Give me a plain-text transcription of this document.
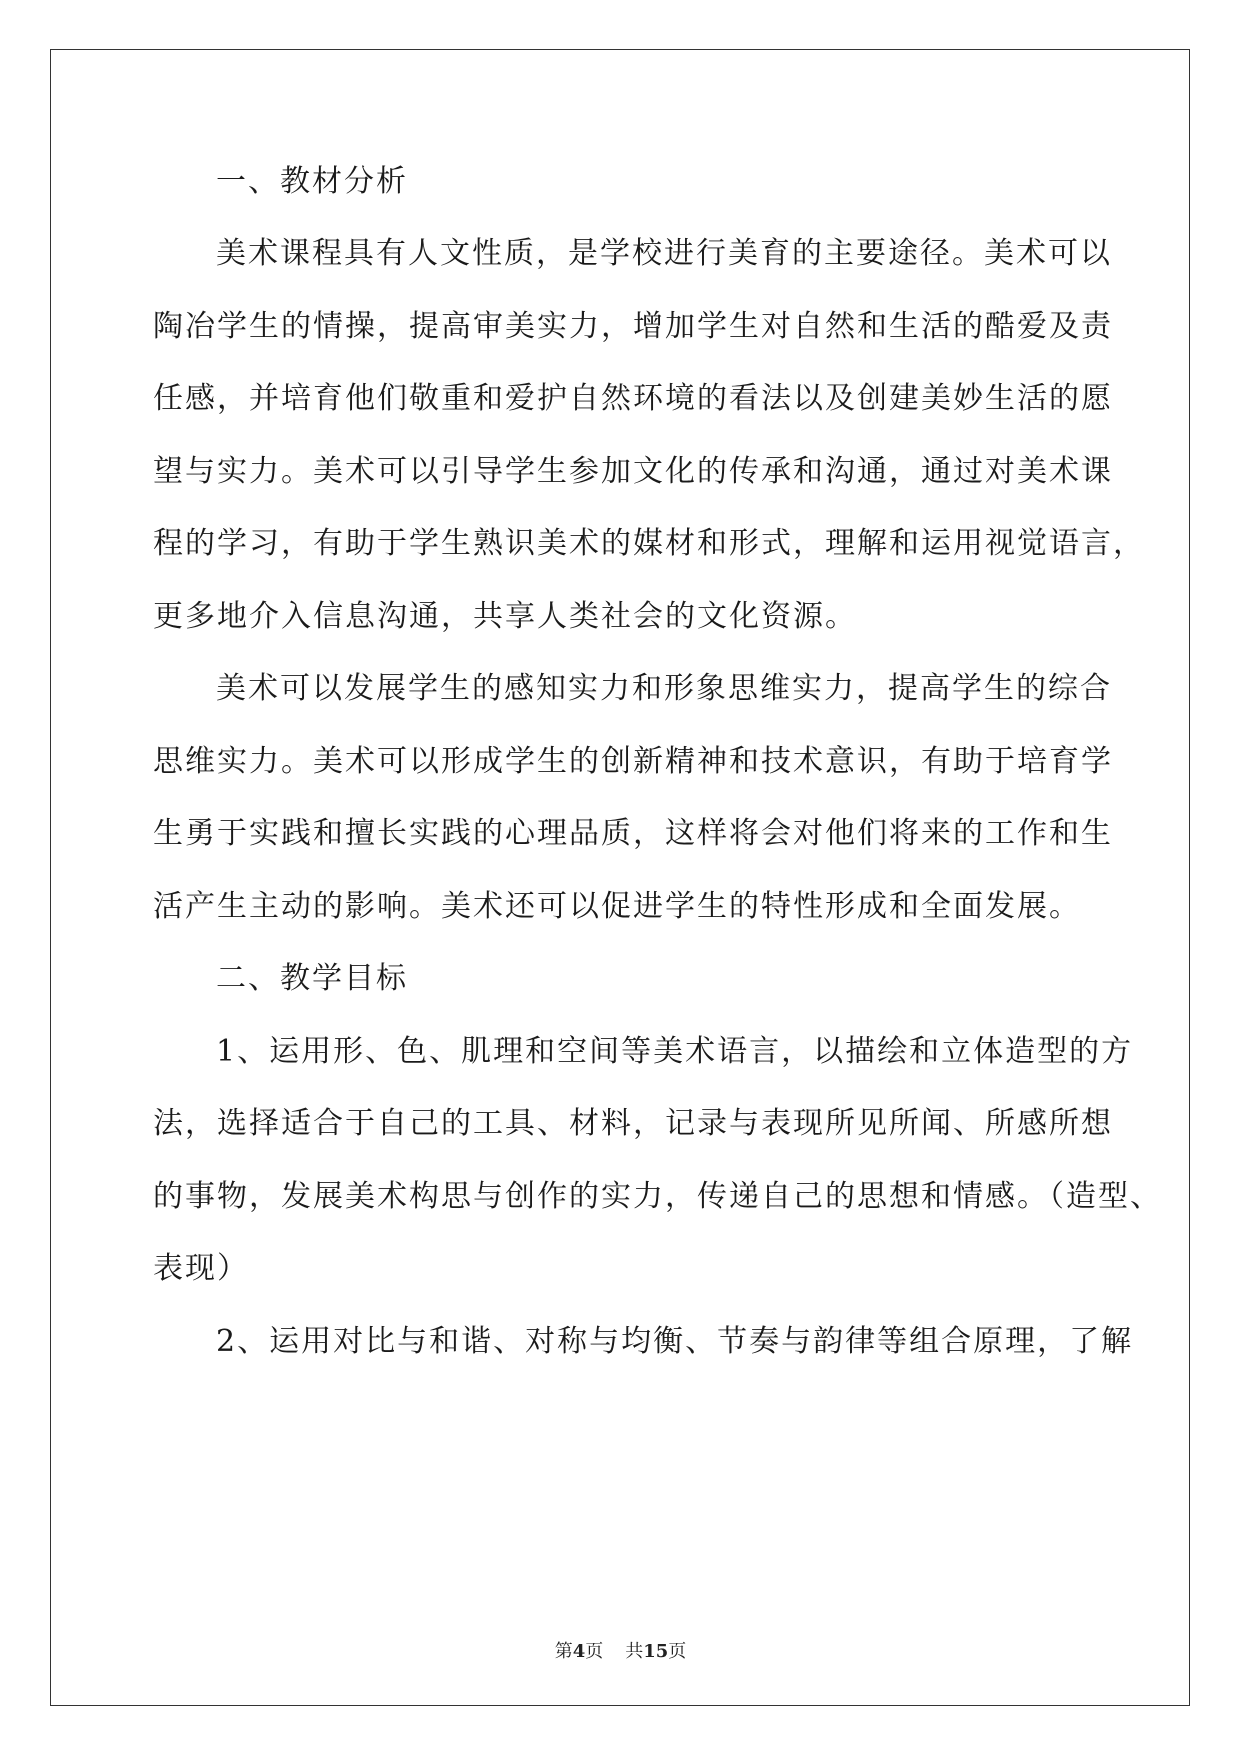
一、教材分析
美术课程具有人文性质，是学校进行美育的主要途径。美术可以
陶冶学生的情操，提高审美实力，增加学生对自然和生活的酷爱及责
任感，并培育他们敬重和爱护自然环境的看法以及创建美妙生活的愿
望与实力。美术可以引导学生参加文化的传承和沟通，通过对美术课
程的学习，有助于学生熟识美术的媒材和形式，理解和运用视觉语言，
更多地介入信息沟通，共享人类社会的文化资源。
美术可以发展学生的感知实力和形象思维实力，提高学生的综合
思维实力。美术可以形成学生的创新精神和技术意识，有助于培育学
生勇于实践和擅长实践的心理品质，这样将会对他们将来的工作和生
活产生主动的影响。美术还可以促进学生的特性形成和全面发展。
二、教学目标
1、运用形、色、肌理和空间等美术语言，以描绘和立体造型的方
法，选择适合于自己的工具、材料，记录与表现所见所闻、所感所想
的事物，发展美术构思与创作的实力，传递自己的思想和情感。（造型、
表现）
2、运用对比与和谐、对称与均衡、节奏与韵律等组合原理，了解
第4页 共15页
